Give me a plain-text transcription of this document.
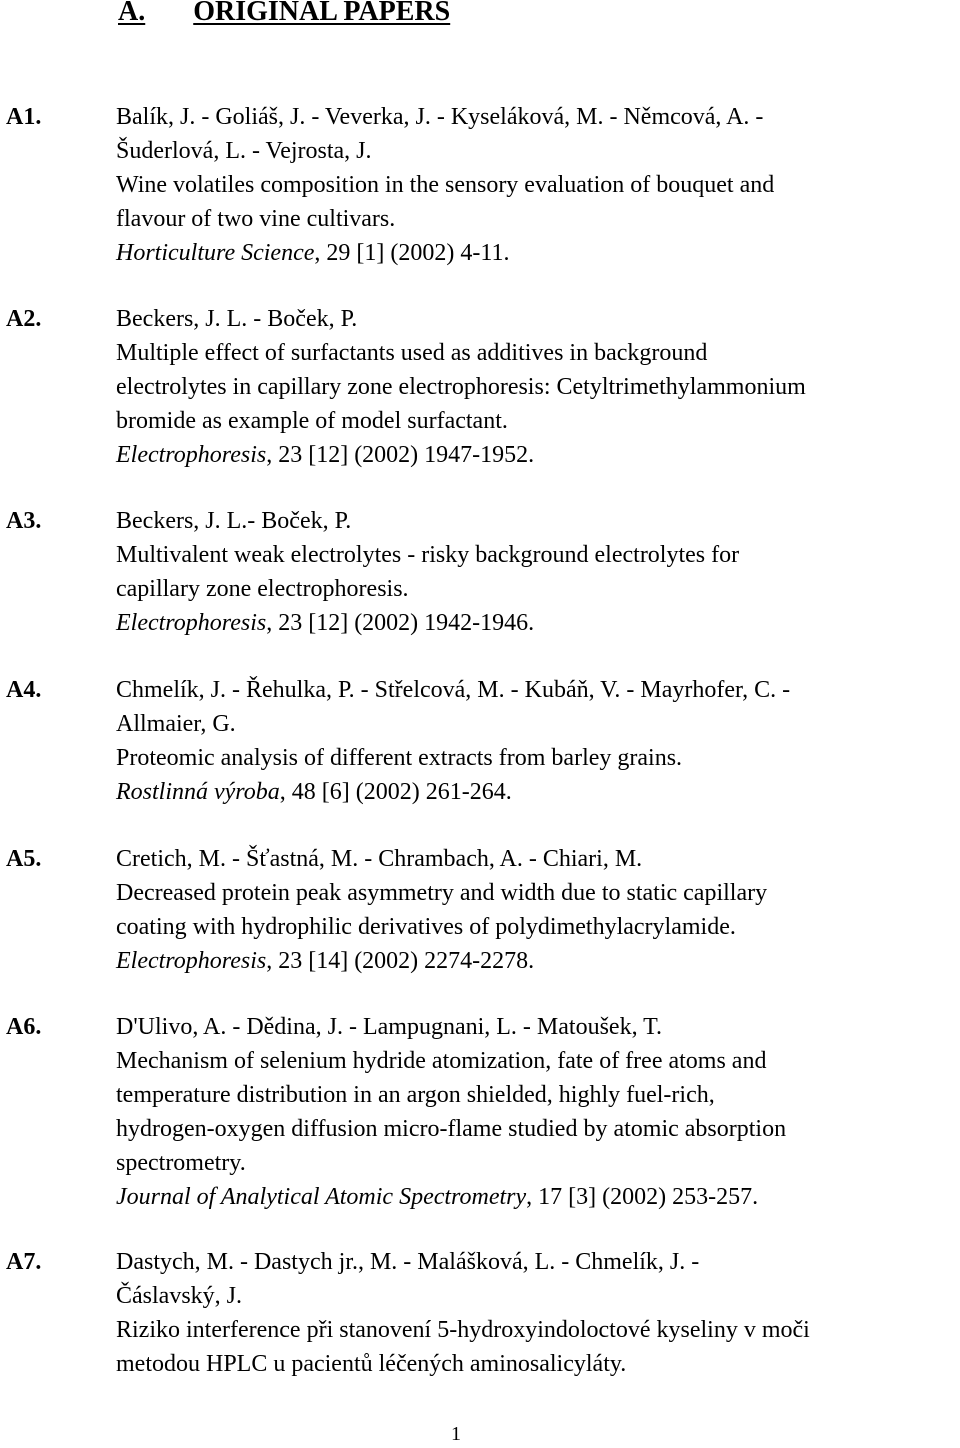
A. ORIGINAL PAPERS
A1.	Balík, J. - Goliáš, J. - Veverka, J. - Kyseláková, M. - Němcová, A. -
Šuderlová, L. - Vejrosta, J.
Wine volatiles composition in the sensory evaluation of bouquet and
flavour of two vine cultivars.
Horticulture Science, 29 [1] (2002) 4-11.
A2.	Beckers, J. L. - Boček, P.
Multiple effect of surfactants used as additives in background
electrolytes in capillary zone electrophoresis: Cetyltrimethylammonium
bromide as example of model surfactant.
Electrophoresis, 23 [12] (2002) 1947-1952.
A3.	Beckers, J. L.- Boček, P.
Multivalent weak electrolytes - risky background electrolytes for
capillary zone electrophoresis.
Electrophoresis, 23 [12] (2002) 1942-1946.
A4.	Chmelík, J. - Řehulka, P. - Střelcová, M. - Kubáň, V. - Mayrhofer, C. -
Allmaier, G.
Proteomic analysis of different extracts from barley grains.
Rostlinná výroba, 48 [6] (2002) 261-264.
A5.	Cretich, M. - Šťastná, M. - Chrambach, A. - Chiari, M.
Decreased protein peak asymmetry and width due to static capillary
coating with hydrophilic derivatives of polydimethylacrylamide.
Electrophoresis, 23 [14] (2002) 2274-2278.
A6.	D'Ulivo, A. - Dědina, J. - Lampugnani, L. - Matoušek, T.
Mechanism of selenium hydride atomization, fate of free atoms and
temperature distribution in an argon shielded, highly fuel-rich,
hydrogen-oxygen diffusion micro-flame studied by atomic absorption
spectrometry.
Journal of Analytical Atomic Spectrometry, 17 [3] (2002) 253-257.
A7.	Dastych, M. - Dastych jr., M. - Malášková, L. - Chmelík, J. -
Čáslavský, J.
Riziko interference při stanovení 5-hydroxyindoloctové kyseliny v moči
metodou HPLC u pacientů léčených aminosalicyláty.
1
